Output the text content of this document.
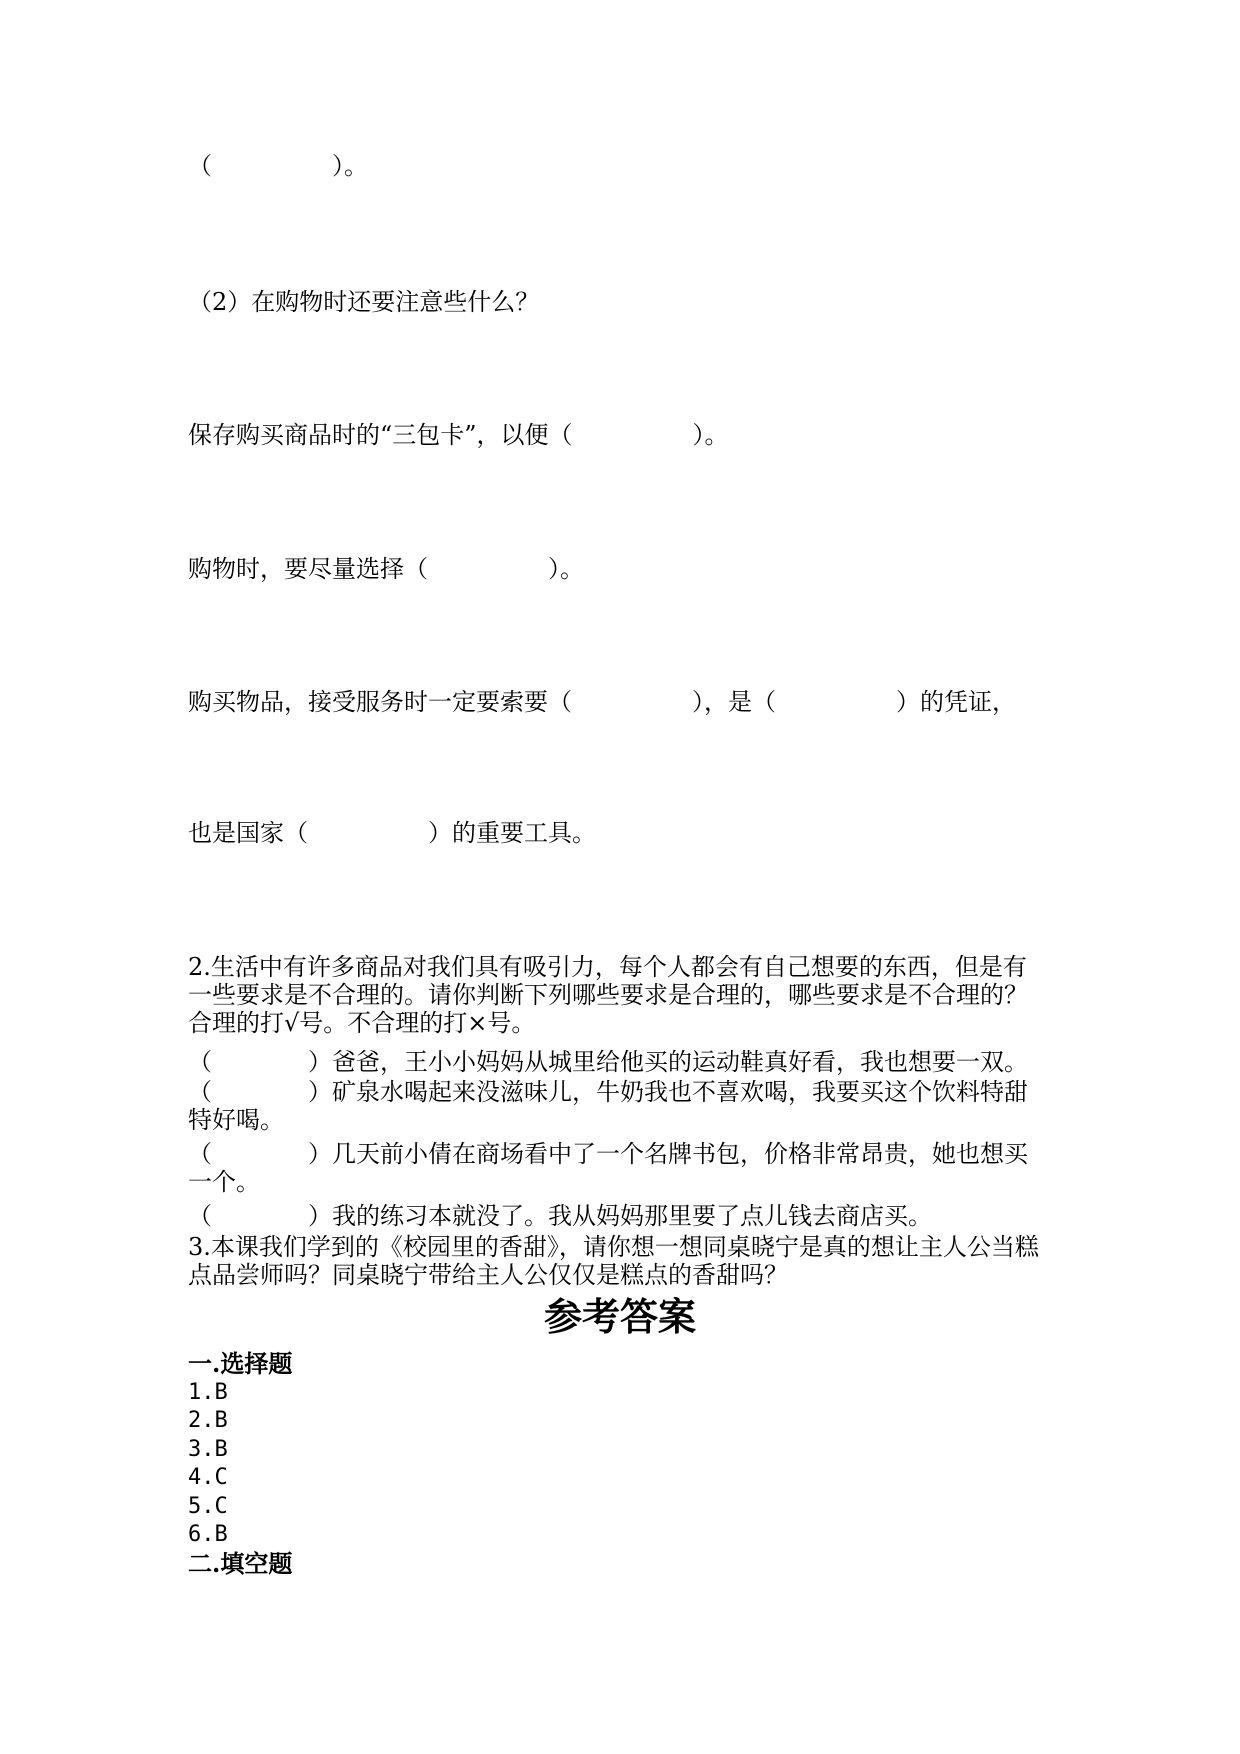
（　　　　　）。
（2）在购物时还要注意些什么？
保存购买商品时的“三包卡”，以便（　　　　　）。
购物时，要尽量选择（　　　　　）。
购买物品，接受服务时一定要索要（　　　　　），是（　　　　　）的凭证，
也是国家（　　　　　）的重要工具。
2.生活中有许多商品对我们具有吸引力，每个人都会有自己想要的东西，但是有一些要求是不合理的。请你判断下列哪些要求是合理的，哪些要求是不合理的？合理的打√号。不合理的打×号。
（　　　　）爸爸，王小小妈妈从城里给他买的运动鞋真好看，我也想要一双。
（　　　　）矿泉水喝起来没滋味儿，牛奶我也不喜欢喝，我要买这个饮料特甜特好喝。
（　　　　）几天前小倩在商场看中了一个名牌书包，价格非常昂贵，她也想买一个。
（　　　　）我的练习本就没了。我从妈妈那里要了点儿钱去商店买。
3.本课我们学到的《校园里的香甜》，请你想一想同桌晓宁是真的想让主人公当糕点品尝师吗？同桌晓宁带给主人公仅仅是糕点的香甜吗？
参考答案
一.选择题
1.B
2.B
3.B
4.C
5.C
6.B
二.填空题
